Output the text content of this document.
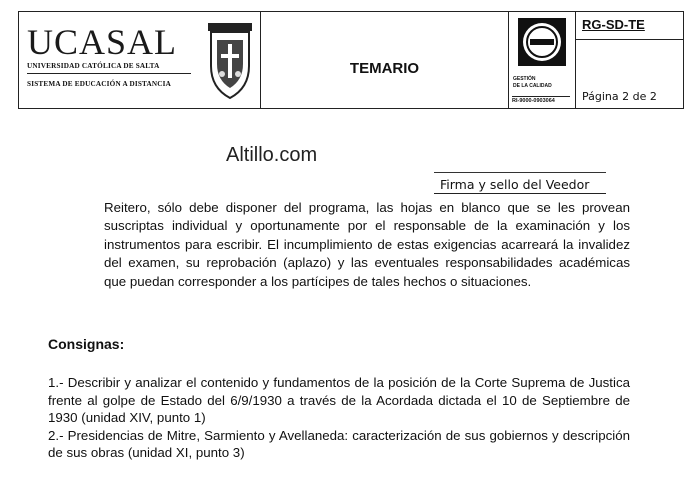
UCASAL
UNIVERSIDAD CATÓLICA DE SALTA
SISTEMA DE EDUCACIÓN A DISTANCIA
TEMARIO
GESTIÓN
DE LA CALIDAD
RI-9000-0903064
RG-SD-TE
Página 2 de 2
Altillo.com
Firma y sello del Veedor
Reitero, sólo debe disponer del programa, las hojas en blanco que se les provean suscriptas individual y oportunamente por el responsable de la examinación y los instrumentos para escribir. El incumplimiento de estas exigencias acarreará la invalidez del examen, su reprobación (aplazo) y las eventuales responsabilidades académicas que puedan corresponder a los partícipes de tales hechos o situaciones.
Consignas:

1.- Describir y analizar el contenido y fundamentos de la posición de la Corte Suprema de Justica frente al golpe de Estado del 6/9/1930 a través de la Acordada dictada el 10 de Septiembre de 1930 (unidad XIV, punto 1)

2.- Presidencias de Mitre, Sarmiento y Avellaneda: caracterización de sus gobiernos y descripción de sus obras (unidad XI, punto 3)
